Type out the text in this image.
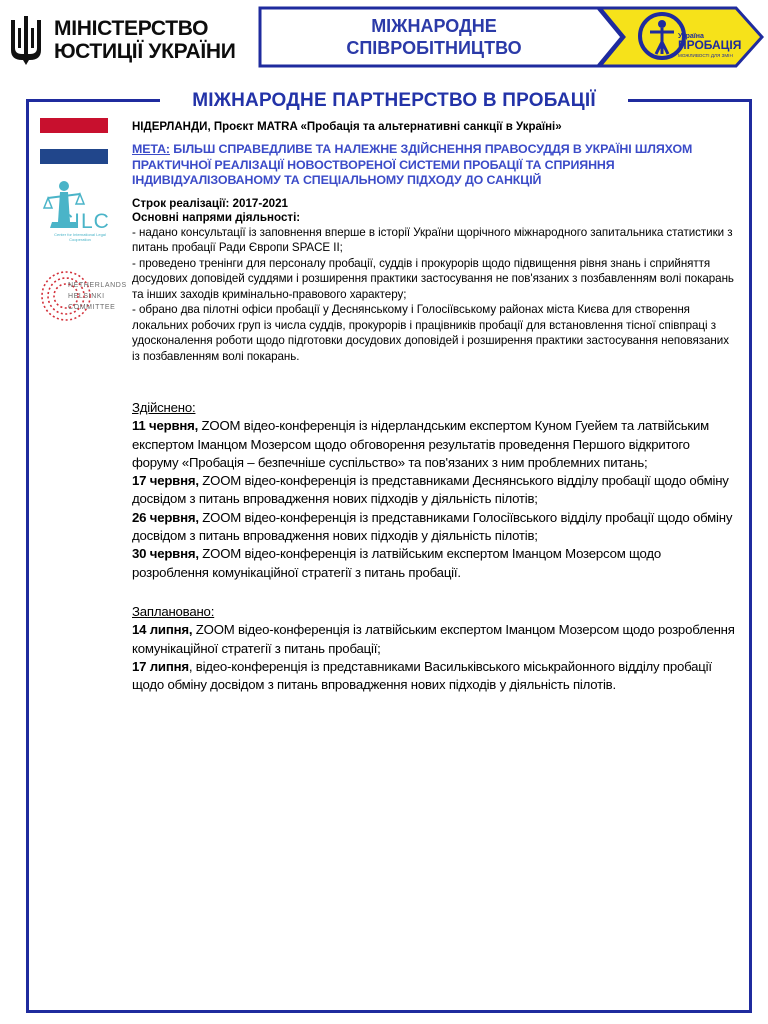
МІНІСТЕРСТВО
ЮСТИЦІЇ УКРАЇНИ
МІЖНАРОДНЕ
СПІВРОБІТНИЦТВО
Україна
ПРОБАЦІЯ
МОЖЛИВОСТІ ДЛЯ ЗМІН
МІЖНАРОДНЕ ПАРТНЕРСТВО В ПРОБАЦІЇ
CILC
Center for International Legal Cooperation
NETHERLANDS
HELSINKI
COMMITTEE
НІДЕРЛАНДИ, Проєкт MATRA «Пробація та альтернативні санкції в Україні»
МЕТА: БІЛЬШ СПРАВЕДЛИВЕ ТА НАЛЕЖНЕ ЗДІЙСНЕННЯ ПРАВОСУДДЯ В УКРАЇНІ ШЛЯХОМ ПРАКТИЧНОЇ РЕАЛІЗАЦІЇ НОВОСТВОРЕНОЇ СИСТЕМИ ПРОБАЦІЇ ТА СПРИЯННЯ ІНДИВІДУАЛІЗОВАНОМУ ТА СПЕЦІАЛЬНОМУ ПІДХОДУ ДО САНКЦІЙ
Строк реалізації: 2017-2021
Основні напрями діяльності:
- надано консультації із заповнення вперше в історії України щорічного міжнародного запитальника статистики з питань пробації Ради Європи SPACE II;
- проведено тренінги для персоналу пробації, суддів і прокурорів щодо підвищення рівня знань і сприйняття досудових доповідей суддями і розширення практики застосування не пов'язаних з позбавленням волі покарань та інших заходів кримінально-правового характеру;
- обрано два пілотні офіси пробації у Деснянському і Голосіївському районах міста Києва для створення локальних робочих груп із числа суддів, прокурорів і працівників пробації для встановлення тісної співпраці з удосконалення роботи щодо підготовки досудових доповідей і розширення практики застосування неповязаних із позбавленням волі покарань.
Здійснено:
11 червня, ZOOM відео-конференція із нідерландським експертом Куном Гуейем та латвійським експертом Іманцом Мозерсом щодо обговорення результатів проведення Першого відкритого форуму «Пробація – безпечніше суспільство» та пов'язаних з ним проблемних питань;
17 червня, ZOOM відео-конференція із представниками Деснянського відділу пробації щодо обміну досвідом з питань впровадження нових підходів у діяльність пілотів;
26 червня, ZOOM відео-конференція із представниками Голосіївського відділу пробації щодо обміну досвідом з питань впровадження нових підходів у діяльність пілотів;
30 червня, ZOOM відео-конференція із латвійським експертом Іманцом Мозерсом щодо розроблення комунікаційної стратегії з питань пробації.
Заплановано:
14 липня, ZOOM відео-конференція із латвійським експертом Іманцом Мозерсом щодо розроблення комунікаційної стратегії з питань пробації;
17 липня, відео-конференція із представниками Васильківського міськрайонного відділу пробації щодо обміну досвідом з питань впровадження нових підходів у діяльність пілотів.
